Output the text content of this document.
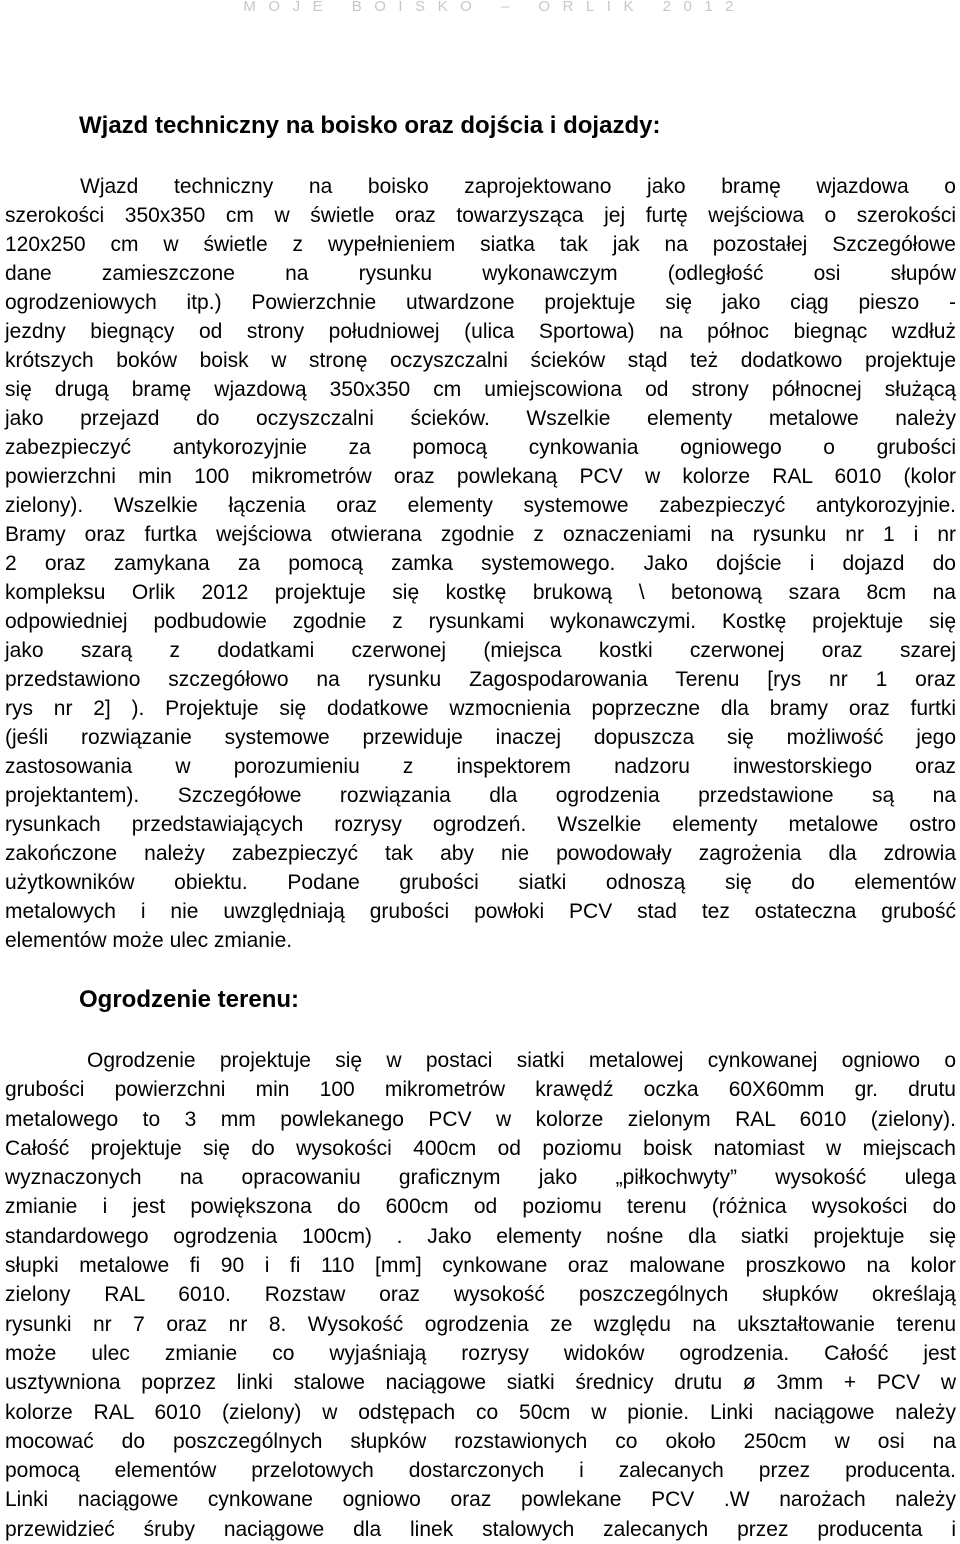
MOJE BOISKO – ORLIK 2012
Wjazd techniczny na boisko oraz dojścia i dojazdy:
Wjazd techniczny na boisko zaprojektowano jako bramę wjazdowa o
szerokości 350x350 cm w świetle oraz towarzysząca jej furtę wejściowa o szerokości
120x250 cm w świetle z wypełnieniem siatka tak jak na pozostałej Szczegółowe
dane zamieszczone na rysunku wykonawczym (odległość osi słupów
ogrodzeniowych itp.) Powierzchnie utwardzone projektuje się jako ciąg pieszo -
jezdny biegnący od strony południowej (ulica Sportowa) na północ biegnąc wzdłuż
krótszych boków boisk w stronę oczyszczalni ścieków stąd też dodatkowo projektuje
się drugą bramę wjazdową 350x350 cm umiejscowiona od strony północnej służącą
jako przejazd do oczyszczalni ścieków. Wszelkie elementy metalowe należy
zabezpieczyć antykorozyjnie za pomocą cynkowania ogniowego o grubości
powierzchni min 100 mikrometrów oraz powlekaną PCV w kolorze RAL 6010 (kolor
zielony). Wszelkie łączenia oraz elementy systemowe zabezpieczyć antykorozyjnie.
Bramy oraz furtka wejściowa otwierana zgodnie z oznaczeniami na rysunku nr 1 i nr
2 oraz zamykana za pomocą zamka systemowego. Jako dojście i dojazd do
kompleksu Orlik 2012 projektuje się kostkę brukową \ betonową szara 8cm na
odpowiedniej podbudowie zgodnie z rysunkami wykonawczymi. Kostkę projektuje się
jako szarą z dodatkami czerwonej (miejsca kostki czerwonej oraz szarej
przedstawiono szczegółowo na rysunku Zagospodarowania Terenu [rys nr 1 oraz
rys nr 2] ). Projektuje się dodatkowe wzmocnienia poprzeczne dla bramy oraz furtki
(jeśli rozwiązanie systemowe przewiduje inaczej dopuszcza się możliwość jego
zastosowania w porozumieniu z inspektorem nadzoru inwestorskiego oraz
projektantem). Szczegółowe rozwiązania dla ogrodzenia przedstawione są na
rysunkach przedstawiających rozrysy ogrodzeń. Wszelkie elementy metalowe ostro
zakończone należy zabezpieczyć tak aby nie powodowały zagrożenia dla zdrowia
użytkowników obiektu. Podane grubości siatki odnoszą się do elementów
metalowych i nie uwzględniają grubości powłoki PCV stad tez ostateczna grubość
elementów może ulec zmianie.
Ogrodzenie terenu:
Ogrodzenie projektuje się w postaci siatki metalowej cynkowanej ogniowo o
grubości powierzchni min 100 mikrometrów krawędź oczka 60X60mm gr. drutu
metalowego to 3 mm powlekanego PCV w kolorze zielonym RAL 6010 (zielony).
Całość projektuje się do wysokości 400cm od poziomu boisk natomiast w miejscach
wyznaczonych na opracowaniu graficznym jako „piłkochwyty” wysokość ulega
zmianie i jest powiększona do 600cm od poziomu terenu (różnica wysokości do
standardowego ogrodzenia 100cm) . Jako elementy nośne dla siatki projektuje się
słupki metalowe fi 90 i fi 110 [mm] cynkowane oraz malowane proszkowo na kolor
zielony RAL 6010. Rozstaw oraz wysokość poszczególnych słupków określają
rysunki nr 7 oraz nr 8. Wysokość ogrodzenia ze względu na ukształtowanie terenu
może ulec zmianie co wyjaśniają rozrysy widoków ogrodzenia. Całość jest
usztywniona poprzez linki stalowe naciągowe siatki średnicy drutu ø 3mm + PCV w
kolorze RAL 6010 (zielony) w odstępach co 50cm w pionie. Linki naciągowe należy
mocować do poszczególnych słupków rozstawionych co około 250cm w osi na
pomocą elementów przelotowych dostarczonych i zalecanych przez producenta.
Linki naciągowe cynkowane ogniowo oraz powlekane PCV .W narożach należy
przewidzieć śruby naciągowe dla linek stalowych zalecanych przez producenta i
